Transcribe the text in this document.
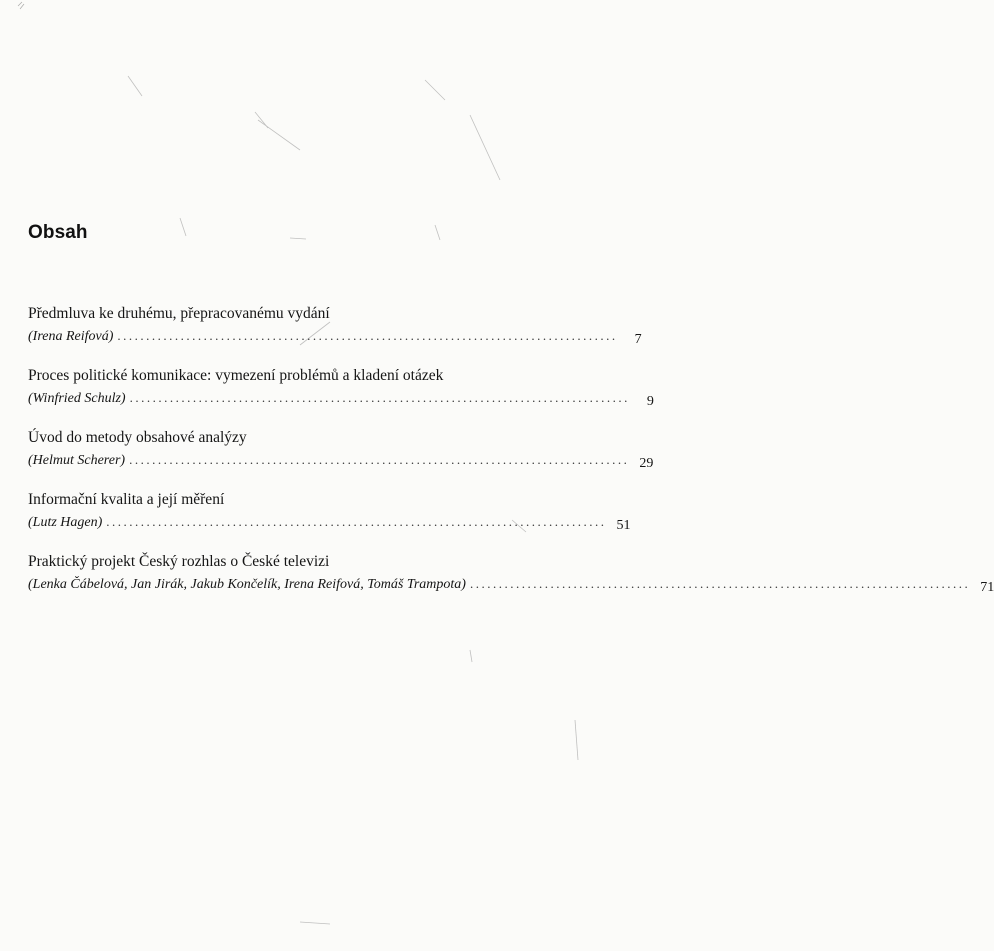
Obsah
Předmluva ke druhému, přepracovanému vydání
(Irena Reifová) .......................................................................................	7
Proces politické komunikace: vymezení problémů a kladení otázek
(Winfried Schulz) .......................................................................................	9
Úvod do metody obsahové analýzy
(Helmut Scherer) ....................................................................................... 29
Informační kvalita a její měření
(Lutz Hagen) ....................................................................................... 51
Praktický projekt Český rozhlas o České televizi
(Lenka Čábelová, Jan Jirák, Jakub Končelík, Irena Reifová, Tomáš Trampota) ....................................................................................... 71
